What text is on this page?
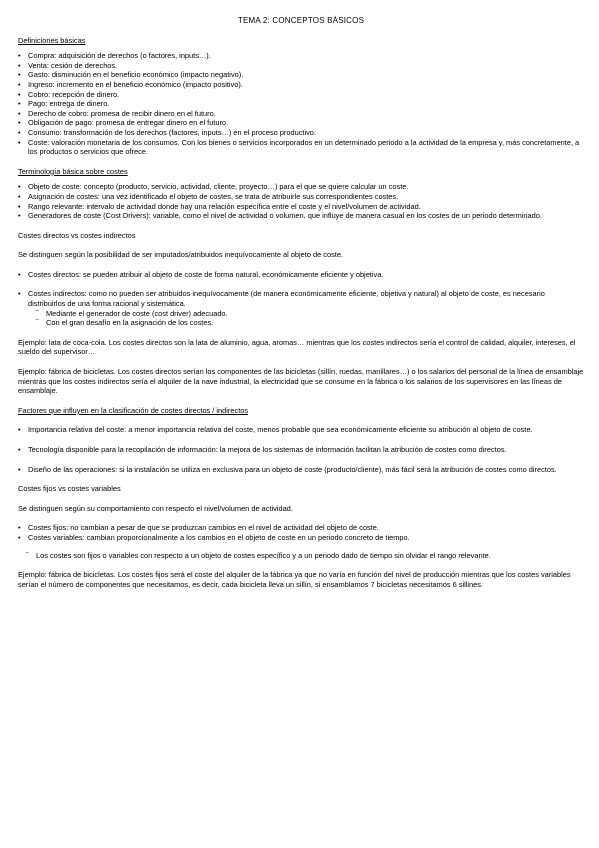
TEMA 2: CONCEPTOS BÁSICOS
Definiciones básicas
• Compra: adquisición de derechos (o factores, inputs…).
• Venta: cesión de derechos.
• Gasto: disminución en el beneficio económico (impacto negativo).
• Ingreso: incremento en el beneficio económico (impacto positivo).
• Cobro: recepción de dinero.
• Pago: entrega de dinero.
• Derecho de cobro: promesa de recibir dinero en el futuro.
• Obligación de pago: promesa de entregar dinero en el futuro.
• Consumo: transformación de los derechos (factores, inputs…) en el proceso productivo.
• Coste: valoración monetaria de los consumos. Con los bienes o servicios incorporados en un determinado periodo a la actividad de la empresa y, más concretamente, a los productos o servicios que ofrece.
Terminología básica sobre costes
• Objeto de coste: concepto (producto, servicio, actividad, cliente, proyecto…) para el que se quiere calcular un coste.
• Asignación de costes: una vez identificado el objeto de costes, se trata de atribuirle sus correspondientes costes.
• Rango relevante: intervalo de actividad donde hay una relación específica entre el coste y el nivel/volumen de actividad.
• Generadores de coste (Cost Drivers): variable, como el nivel de actividad o volumen, que influye de manera casual en los costes de un periodo determinado.
Costes directos vs costes indirectos

Se distinguen según la posibilidad de ser imputados/atribuidos inequívocamente al objeto de coste.

• Costes directos: se pueden atribuir al objeto de coste de forma natural, económicamente eficiente y objetiva.
• Costes indirectos: como no pueden ser atribuidos inequívocamente (de manera económicamente eficiente, objetiva y natural) al objeto de coste, es necesario distribuirlos de una forma racional y sistemática.
‾ Mediante el generador de coste (cost driver) adecuado.
‾ Con el gran desafío en la asignación de los costes.

Ejemplo: lata de coca-cola. Los costes directos son la lata de aluminio, agua, aromas… mientras que los costes indirectos sería el control de calidad, alquiler, intereses, el sueldo del supervisor…

Ejemplo: fábrica de bicicletas. Los costes directos serían los componentes de las bicicletas (sillín, ruedas, manillares…) o los salarios del personal de la línea de ensamblaje mientras que los costes indirectos sería el alquiler de la nave industrial, la electricidad que se consume en la fábrica o los salarios de los supervisores en las líneas de ensamblaje.

Factores que influyen en la clasificación de costes directos / indirectos
• Importancia relativa del coste: a menor importancia relativa del coste, menos probable que sea económicamente eficiente su atribución al objeto de coste.
• Tecnología disponible para la recopilación de información: la mejora de los sistemas de información facilitan la atribución de costes como directos.
• Diseño de las operaciones: si la instalación se utiliza en exclusiva para un objeto de coste (producto/cliente), más fácil será la atribución de costes como directos.
Costes fijos vs costes variables

Se distinguen según su comportamiento con respecto el nivel/volumen de actividad.

• Costes fijos: no cambian a pesar de que se produzcan cambios en el nivel de actividad del objeto de coste.
• Costes variables: cambian proporcionalmente a los cambios en el objeto de coste en un periodo concreto de tiempo.
‾ Los costes son fijos o variables con respecto a un objeto de costes específico y a un periodo dado de tiempo sin olvidar el rango relevante.

Ejemplo: fábrica de bicicletas. Los costes fijos será el coste del alquiler de la fábrica ya que no varía en función del nivel de producción mientras que los costes variables serían el número de componentes que necesitamos, es decir, cada bicicleta lleva un sillín, si ensamblamos 7 bicicletas necesitamos 6 sillines.
